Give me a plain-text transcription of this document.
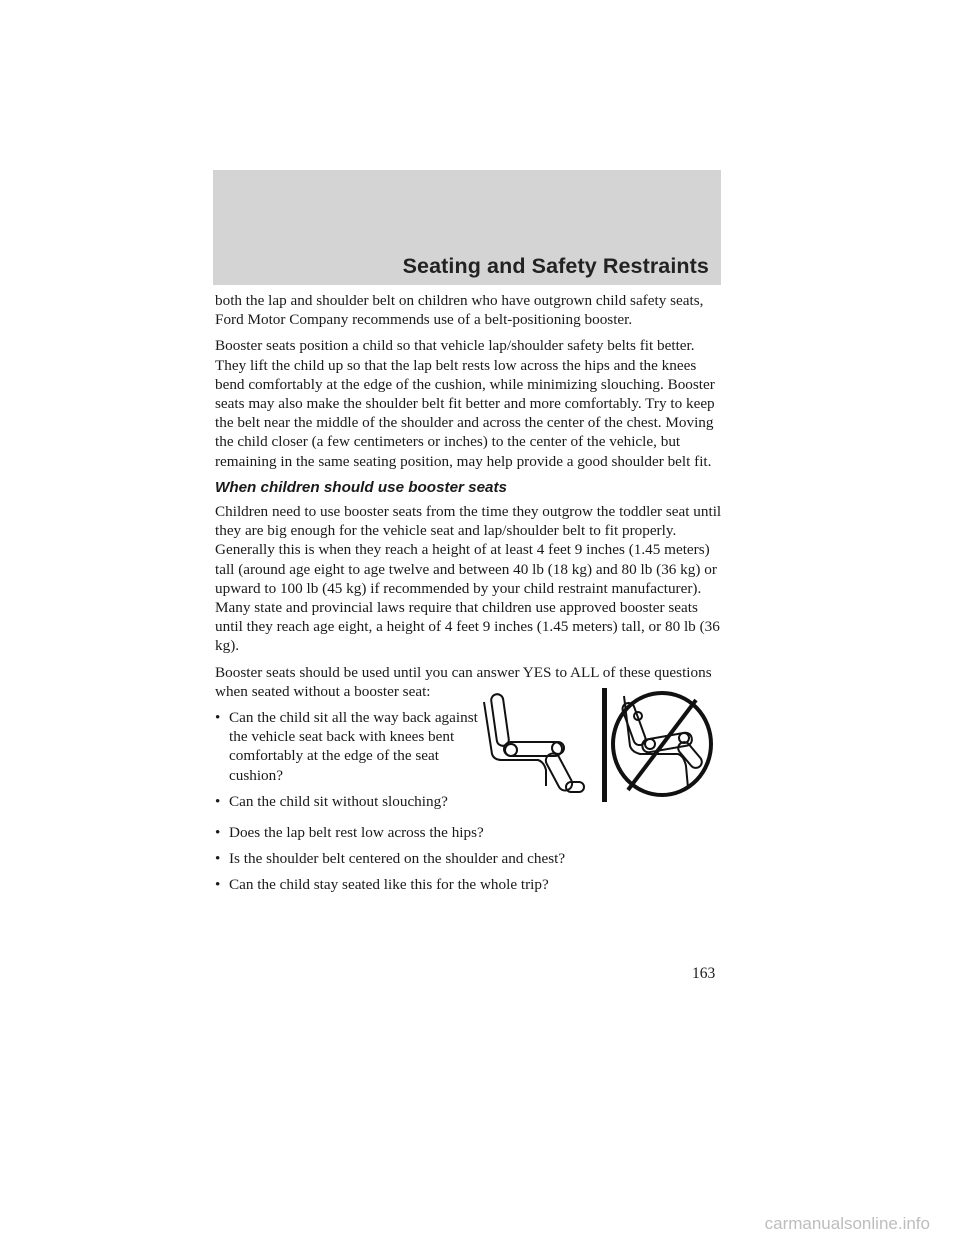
Seating and Safety Restraints

both the lap and shoulder belt on children who have outgrown child safety seats, Ford Motor Company recommends use of a belt-positioning booster.

Booster seats position a child so that vehicle lap/shoulder safety belts fit better. They lift the child up so that the lap belt rests low across the hips and the knees bend comfortably at the edge of the cushion, while minimizing slouching. Booster seats may also make the shoulder belt fit better and more comfortably. Try to keep the belt near the middle of the shoulder and across the center of the chest. Moving the child closer (a few centimeters or inches) to the center of the vehicle, but remaining in the same seating position, may help provide a good shoulder belt fit.

When children should use booster seats

Children need to use booster seats from the time they outgrow the toddler seat until they are big enough for the vehicle seat and lap/shoulder belt to fit properly. Generally this is when they reach a height of at least 4 feet 9 inches (1.45 meters) tall (around age eight to age twelve and between 40 lb (18 kg) and 80 lb (36 kg) or upward to 100 lb (45 kg) if recommended by your child restraint manufacturer). Many state and provincial laws require that children use approved booster seats until they reach age eight, a height of 4 feet 9 inches (1.45 meters) tall, or 80 lb (36 kg).

Booster seats should be used until you can answer YES to ALL of these questions when seated without a booster seat:

• Can the child sit all the way back against the vehicle seat back with knees bent comfortably at the edge of the seat cushion?
• Can the child sit without slouching?
• Does the lap belt rest low across the hips?
• Is the shoulder belt centered on the shoulder and chest?
• Can the child stay seated like this for the whole trip?
163
carmanualsonline.info
